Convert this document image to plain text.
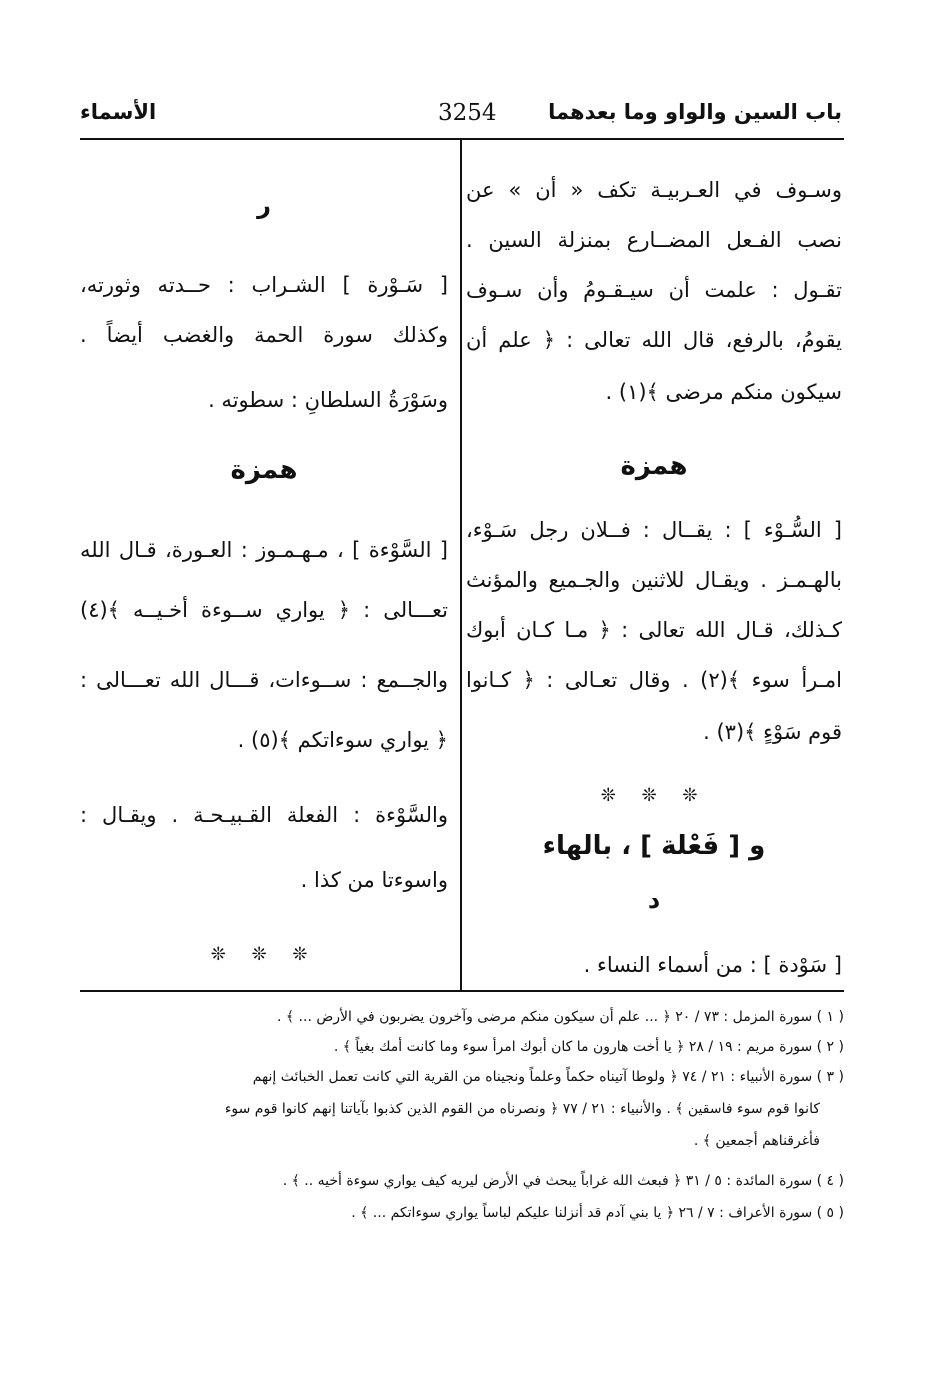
باب السين والواو وما بعدهما
3254
الأسماء
وسـوف في العـربيـة تكف « أن » عن
نصب الفـعل المضــارع بمنزلة السين .
تقـول : علمت أن سيـقـومُ وأن سـوف
يقومُ، بالرفع، قال الله تعالى : ﴿ علم أن
سيكون منكم مرضى ﴾(١) .
همزة
[ السُّـوْء ] : يقــال : فــلان رجل سَـوْء،
بالهـمـز . ويقـال للاثنين والجـميع والمؤنث
كـذلك، قـال الله تعالى : ﴿ مـا كـان أبوك
امـرأ سوء ﴾(٢) . وقال تعـالى : ﴿ كـانوا
قوم سَوْءٍ ﴾(٣) .
❊ ❊ ❊
و [ فَعْلة ] ، بالهاء
د
[ سَوْدة ] : من أسماء النساء .
ر
[ سَـوْرة ] الشـراب : حــدته وثورته،
وكذلك سورة الحمة والغضب أيضاً .
وسَوْرَةُ السلطانِ : سطوته .
همزة
[ السَّوْءة ] ، مـهـمـوز : العـورة، قـال الله
تعـــالى : ﴿ يواري ســوءة أخـيــه ﴾(٤)
والجــمع : ســوءات، قـــال الله تعـــالى :
﴿ يواري سوءاتكم ﴾(٥) .
والسَّوْءة : الفعلة القـبيـحـة . ويقـال :
واسوءتا من كذا .
❊ ❊ ❊
( ١ ) سورة المزمل : ٧٣ / ٢٠ ﴿ ... علم أن سيكون منكم مرضى وآخرون يضربون في الأرض ... ﴾ .
( ٢ ) سورة مريم : ١٩ / ٢٨ ﴿ يا أخت هارون ما كان أبوك امرأ سوء وما كانت أمك بغياً ﴾ .
( ٣ ) سورة الأنبياء : ٢١ / ٧٤ ﴿ ولوطا آتيناه حكماً وعلماً ونجيناه من القرية التي كانت تعمل الخبائث إنهم
كانوا قوم سوء فاسقين ﴾ . والأنبياء : ٢١ / ٧٧ ﴿ ونصرناه من القوم الذين كذبوا بآياتنا إنهم كانوا قوم سوء
فأغرقناهم أجمعين ﴾ .
( ٤ ) سورة المائدة : ٥ / ٣١ ﴿ فبعث الله غراباً يبحث في الأرض ليريه كيف يواري سوءة أخيه .. ﴾ .
( ٥ ) سورة الأعراف : ٧ / ٢٦ ﴿ يا بني آدم قد أنزلنا عليكم لباساً يواري سوءاتكم ... ﴾ .
